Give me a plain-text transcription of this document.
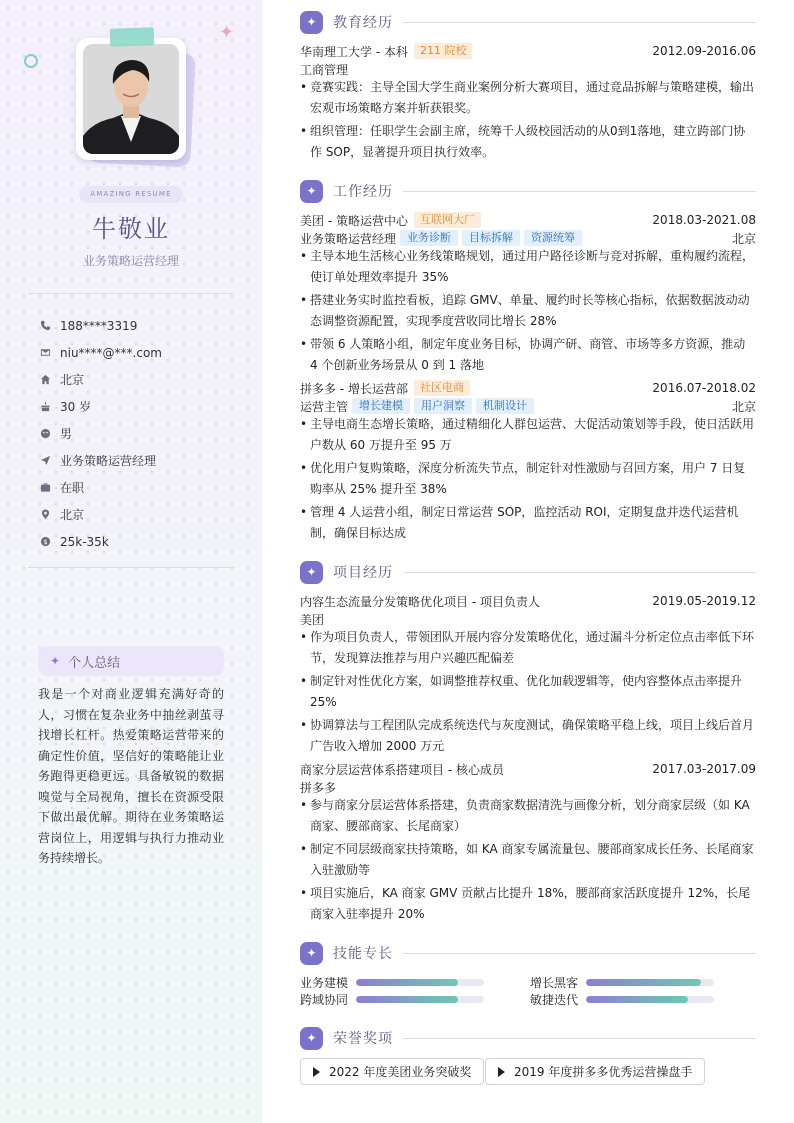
✦
AMAZING RESUME
牛敬业
业务策略运营经理
188****3319
niu****@***.com
北京
30 岁
男
业务策略运营经理
在职
北京
$ 25k-35k
✦ 个人总结
我是一个对商业逻辑充满好奇的人，习惯在复杂业务中抽丝剥茧寻找增长杠杆。热爱策略运营带来的确定性价值，坚信好的策略能让业务跑得更稳更远。具备敏锐的数据嗅觉与全局视角，擅长在资源受限下做出最优解。期待在业务策略运营岗位上，用逻辑与执行力推动业务持续增长。
✦	教育经历
华南理工大学 - 本科	211 院校	2012.09-2016.06
工商管理
• 竞赛实践：主导全国大学生商业案例分析大赛项目，通过竞品拆解与策略建模，输出宏观市场策略方案并斩获银奖。
• 组织管理：任职学生会副主席，统筹千人级校园活动的从0到1落地，建立跨部门协作 SOP，显著提升项目执行效率。
✦	工作经历
美团 - 策略运营中心	互联网大厂	2018.03-2021.08
业务策略运营经理	业务诊断	目标拆解	资源统筹	北京
• 主导本地生活核心业务线策略规划，通过用户路径诊断与竞对拆解，重构履约流程，使订单处理效率提升 35%
• 搭建业务实时监控看板，追踪 GMV、单量、履约时长等核心指标，依据数据波动动态调整资源配置，实现季度营收同比增长 28%
• 带领 6 人策略小组，制定年度业务目标，协调产研、商管、市场等多方资源，推动 4 个创新业务场景从 0 到 1 落地
拼多多 - 增长运营部	社区电商	2016.07-2018.02
运营主管	增长建模	用户洞察	机制设计	北京
• 主导电商生态增长策略，通过精细化人群包运营、大促活动策划等手段，使日活跃用户数从 60 万提升至 95 万
• 优化用户复购策略，深度分析流失节点，制定针对性激励与召回方案，用户 7 日复购率从 25% 提升至 38%
• 管理 4 人运营小组，制定日常运营 SOP，监控活动 ROI，定期复盘并迭代运营机制，确保目标达成
✦	项目经历
内容生态流量分发策略优化项目 - 项目负责人	2019.05-2019.12
美团
• 作为项目负责人，带领团队开展内容分发策略优化，通过漏斗分析定位点击率低下环节，发现算法推荐与用户兴趣匹配偏差
• 制定针对性优化方案，如调整推荐权重、优化加载逻辑等，使内容整体点击率提升 25%
• 协调算法与工程团队完成系统迭代与灰度测试，确保策略平稳上线，项目上线后首月广告收入增加 2000 万元
商家分层运营体系搭建项目 - 核心成员	2017.03-2017.09
拼多多
• 参与商家分层运营体系搭建，负责商家数据清洗与画像分析，划分商家层级（如 KA 商家、腰部商家、长尾商家）
• 制定不同层级商家扶持策略，如 KA 商家专属流量包、腰部商家成长任务、长尾商家入驻激励等
• 项目实施后，KA 商家 GMV 贡献占比提升 18%，腰部商家活跃度提升 12%，长尾商家入驻率提升 20%
✦	技能专长
业务建模	增长黑客
跨域协同	敏捷迭代
✦	荣誉奖项
2022 年度美团业务突破奖	2019 年度拼多多优秀运营操盘手
